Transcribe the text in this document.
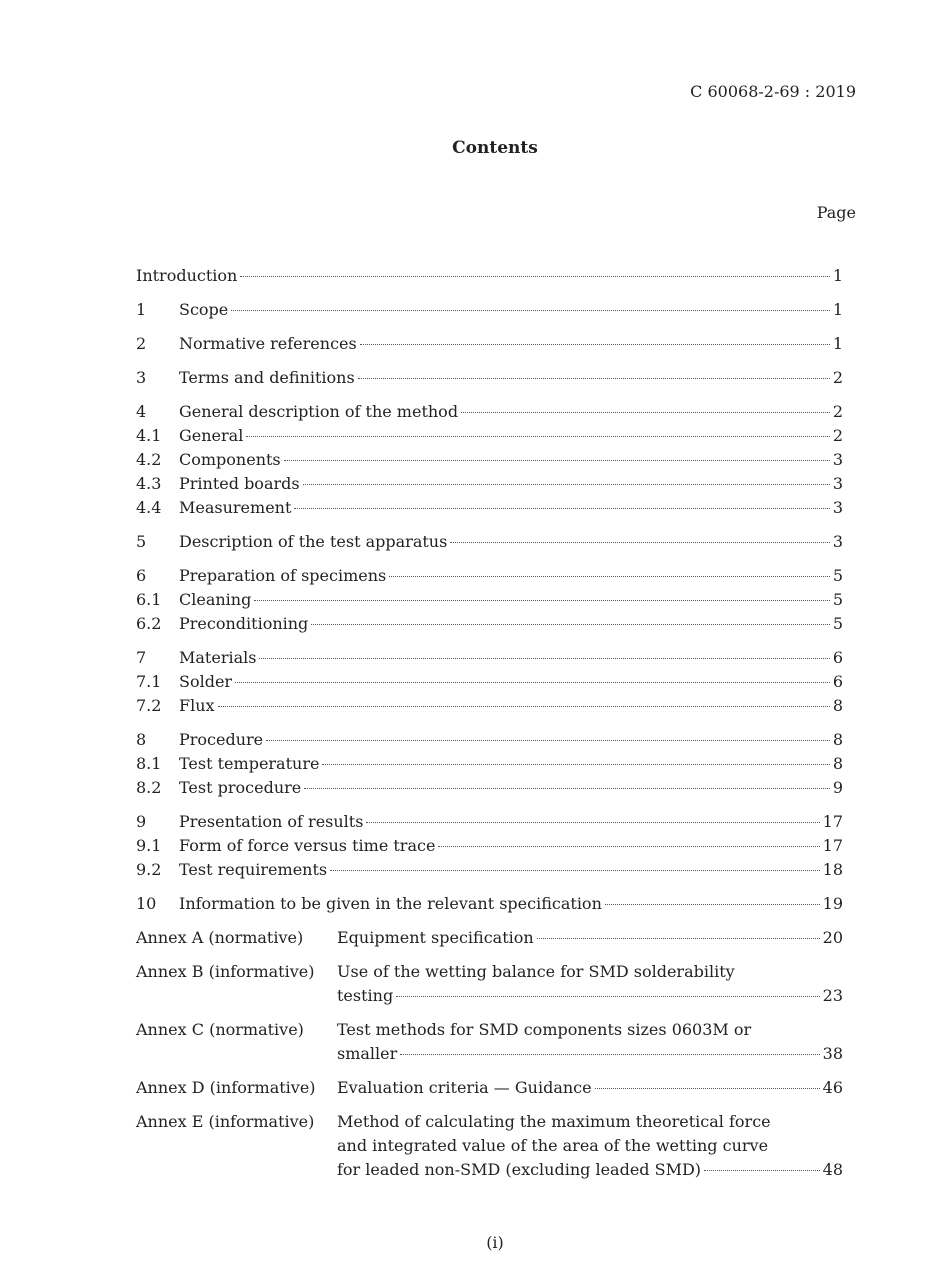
C 60068-2-69 : 2019
Contents
Page
Introduction	1
1	Scope	1
2	Normative references	1
3	Terms and definitions	2
4	General description of the method	2
4.1	General	2
4.2	Components	3
4.3	Printed boards	3
4.4	Measurement	3
5	Description of the test apparatus	3
6	Preparation of specimens	5
6.1	Cleaning	5
6.2	Preconditioning	5
7	Materials	6
7.1	Solder	6
7.2	Flux	8
8	Procedure	8
8.1	Test temperature	8
8.2	Test procedure	9
9	Presentation of results	17
9.1	Form of force versus time trace	17
9.2	Test requirements	18
10	Information to be given in the relevant specification	19
Annex A (normative)	Equipment specification	20
Annex B (informative)	Use of the wetting balance for SMD solderability
testing	23
Annex C (normative)	Test methods for SMD components sizes 0603M or
smaller	38
Annex D (informative)	Evaluation criteria — Guidance	46
Annex E (informative)	Method of calculating the maximum theoretical force
and integrated value of the area of the wetting curve
for leaded non-SMD (excluding leaded SMD)	48
(i)
